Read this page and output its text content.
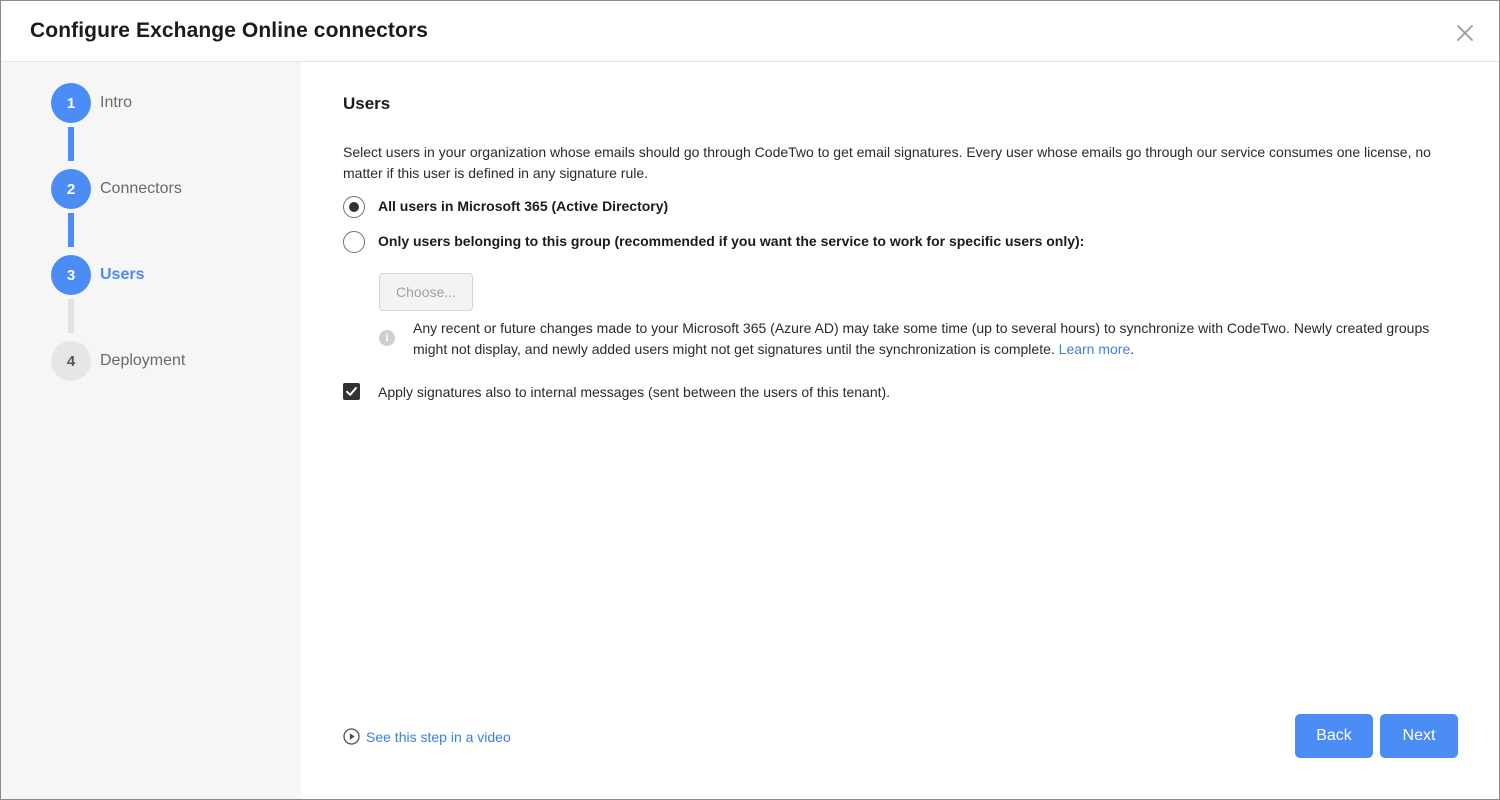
Configure Exchange Online connectors
1	Intro
2	Connectors
3	Users
4	Deployment
Users
Select users in your organization whose emails should go through CodeTwo to get email signatures. Every user whose emails go through our service consumes one license, no matter if this user is defined in any signature rule.
All users in Microsoft 365 (Active Directory)
Only users belonging to this group (recommended if you want the service to work for specific users only):
Choose...
i
Any recent or future changes made to your Microsoft 365 (Azure AD) may take some time (up to several hours) to synchronize with CodeTwo. Newly created groups might not display, and newly added users might not get signatures until the synchronization is complete. Learn more.
Apply signatures also to internal messages (sent between the users of this tenant).
See this step in a video	Back	Next
